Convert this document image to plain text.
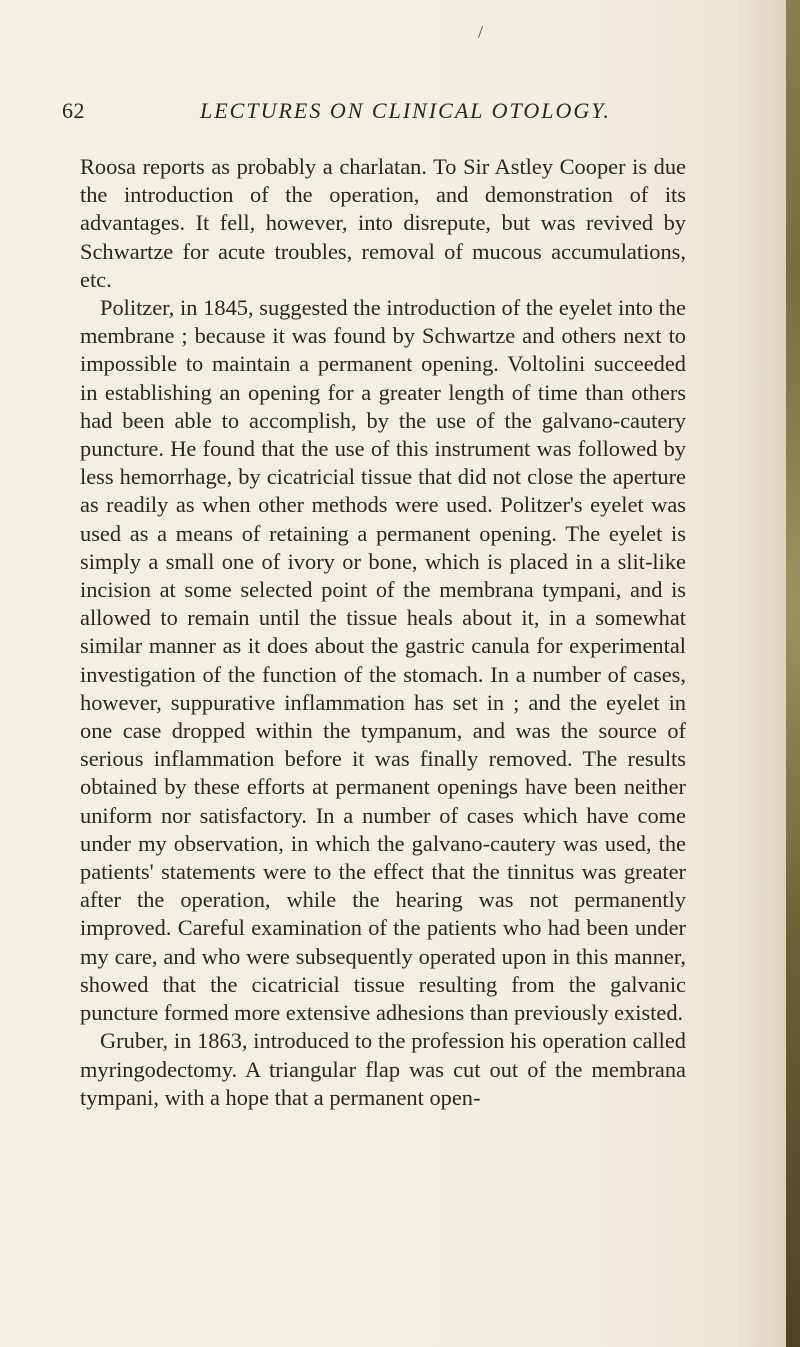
/
62	LECTURES ON CLINICAL OTOLOGY.

Roosa reports as probably a charlatan. To Sir Astley Cooper is due the introduction of the operation, and demonstration of its advantages. It fell, however, into disrepute, but was revived by Schwartze for acute troubles, removal of mucous accumulations, etc.

Politzer, in 1845, suggested the introduction of the eyelet into the membrane ; because it was found by Schwartze and others next to impossible to maintain a permanent opening. Voltolini succeeded in establishing an opening for a greater length of time than others had been able to accomplish, by the use of the galvano-cautery puncture. He found that the use of this instrument was followed by less hemorrhage, by cicatricial tissue that did not close the aperture as readily as when other methods were used. Politzer's eyelet was used as a means of retaining a permanent opening. The eyelet is simply a small one of ivory or bone, which is placed in a slit-like incision at some selected point of the membrana tympani, and is allowed to remain until the tissue heals about it, in a somewhat similar manner as it does about the gastric canula for experimental investigation of the function of the stomach. In a number of cases, however, suppurative inflammation has set in ; and the eyelet in one case dropped within the tympanum, and was the source of serious inflammation before it was finally removed. The results obtained by these efforts at permanent openings have been neither uniform nor satisfactory. In a number of cases which have come under my observation, in which the galvano-cautery was used, the patients' statements were to the effect that the tinnitus was greater after the operation, while the hearing was not permanently improved. Careful examination of the patients who had been under my care, and who were subsequently operated upon in this manner, showed that the cicatricial tissue resulting from the galvanic puncture formed more extensive adhesions than previously existed.

Gruber, in 1863, introduced to the profession his operation called myringodectomy. A triangular flap was cut out of the membrana tympani, with a hope that a permanent open-
